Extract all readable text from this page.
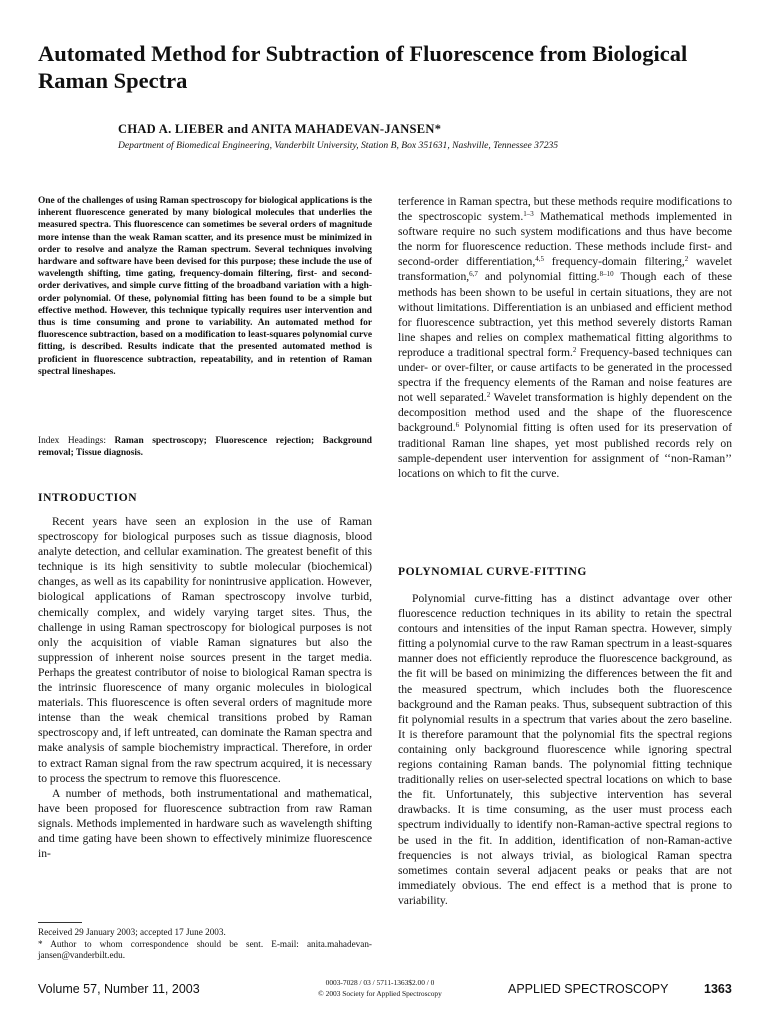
Automated Method for Subtraction of Fluorescence from Biological Raman Spectra
CHAD A. LIEBER and ANITA MAHADEVAN-JANSEN*
Department of Biomedical Engineering, Vanderbilt University, Station B, Box 351631, Nashville, Tennessee 37235

One of the challenges of using Raman spectroscopy for biological applications is the inherent fluorescence generated by many biological molecules that underlies the measured spectra. This fluorescence can sometimes be several orders of magnitude more intense than the weak Raman scatter, and its presence must be minimized in order to resolve and analyze the Raman spectrum. Several techniques involving hardware and software have been devised for this purpose; these include the use of wavelength shifting, time gating, frequency-domain filtering, first- and second-order derivatives, and simple curve fitting of the broadband variation with a high-order polynomial. Of these, polynomial fitting has been found to be a simple but effective method. However, this technique typically requires user intervention and thus is time consuming and prone to variability. An automated method for fluorescence subtraction, based on a modification to least-squares polynomial curve fitting, is described. Results indicate that the presented automated method is proficient in fluorescence subtraction, repeatability, and in retention of Raman spectral lineshapes.

Index Headings: Raman spectroscopy; Fluorescence rejection; Background removal; Tissue diagnosis.

INTRODUCTION

Recent years have seen an explosion in the use of Raman spectroscopy for biological purposes such as tissue diagnosis, blood analyte detection, and cellular examination. The greatest benefit of this technique is its high sensitivity to subtle molecular (biochemical) changes, as well as its capability for nonintrusive application. However, biological applications of Raman spectroscopy involve turbid, chemically complex, and widely varying target sites. Thus, the challenge in using Raman spectroscopy for biological purposes is not only the acquisition of viable Raman signatures but also the suppression of inherent noise sources present in the target media. Perhaps the greatest contributor of noise to biological Raman spectra is the intrinsic fluorescence of many organic molecules in biological materials. This fluorescence is often several orders of magnitude more intense than the weak chemical transitions probed by Raman spectroscopy and, if left untreated, can dominate the Raman spectra and make analysis of sample biochemistry impractical. Therefore, in order to extract Raman signal from the raw spectrum acquired, it is necessary to process the spectrum to remove this fluorescence.

A number of methods, both instrumentational and mathematical, have been proposed for fluorescence subtraction from raw Raman signals. Methods implemented in hardware such as wavelength shifting and time gating have been shown to effectively minimize fluorescence in-

terference in Raman spectra, but these methods require modifications to the spectroscopic system.$^{1-3}$ Mathematical methods implemented in software require no such system modifications and thus have become the norm for fluorescence reduction. These methods include first- and second-order differentiation,$^{4,5}$ frequency-domain filtering,$^2$ wavelet transformation,$^{6,7}$ and polynomial fitting.$^{8-10}$ Though each of these methods has been shown to be useful in certain situations, they are not without limitations. Differentiation is an unbiased and efficient method for fluorescence subtraction, yet this method severely distorts Raman line shapes and relies on complex mathematical fitting algorithms to reproduce a traditional spectral form.$^2$ Frequency-based techniques can under- or over-filter, or cause artifacts to be generated in the processed spectra if the frequency elements of the Raman and noise features are not well separated.$^2$ Wavelet transformation is highly dependent on the decomposition method used and the shape of the fluorescence background.$^6$ Polynomial fitting is often used for its preservation of traditional Raman line shapes, yet most published records rely on sample-dependent user intervention for assignment of ‘‘non-Raman’’ locations on which to fit the curve.

POLYNOMIAL CURVE-FITTING

Polynomial curve-fitting has a distinct advantage over other fluorescence reduction techniques in its ability to retain the spectral contours and intensities of the input Raman spectra. However, simply fitting a polynomial curve to the raw Raman spectrum in a least-squares manner does not efficiently reproduce the fluorescence background, as the fit will be based on minimizing the differences between the fit and the measured spectrum, which includes both the fluorescence background and the Raman peaks. Thus, subsequent subtraction of this fit polynomial results in a spectrum that varies about the zero baseline. It is therefore paramount that the polynomial fits the spectral regions containing only background fluorescence while ignoring spectral regions containing Raman bands. The polynomial fitting technique traditionally relies on user-selected spectral locations on which to base the fit. Unfortunately, this subjective intervention has several drawbacks. It is time consuming, as the user must process each spectrum individually to identify non-Raman-active spectral regions to be used in the fit. In addition, identification of non-Raman-active frequencies is not always trivial, as biological Raman spectra sometimes contain several adjacent peaks or peaks that are not immediately obvious. The end effect is a method that is prone to variability.

Received 29 January 2003; accepted 17 June 2003.
* Author to whom correspondence should be sent. E-mail: anita.mahadevan-jansen@vanderbilt.edu.
Volume 57, Number 11, 2003	0003-7028 / 03 / 5711-1363$2.00 / 0
© 2003 Society for Applied Spectroscopy	APPLIED SPECTROSCOPY	1363
